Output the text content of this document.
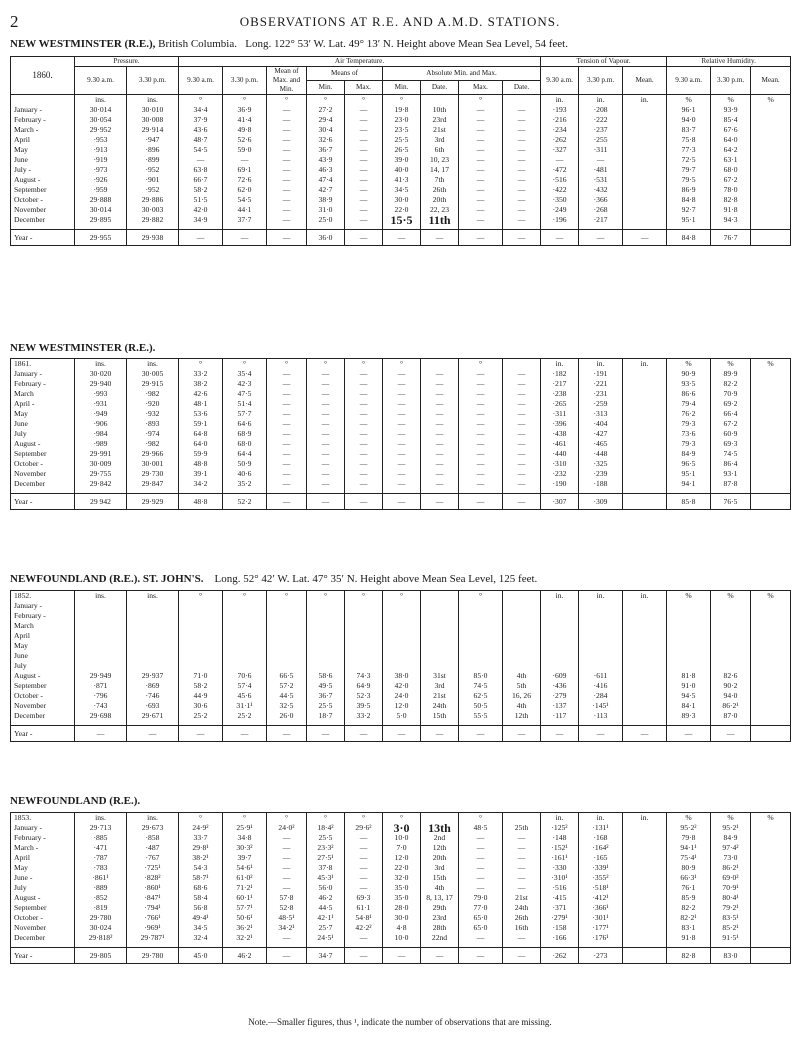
2	OBSERVATIONS AT R.E. AND A.M.D. STATIONS.
NEW WESTMINSTER (R.E.), British Columbia. Long. 122° 53′ W. Lat. 49° 13′ N. Height above Mean Sea Level, 54 feet.
1860.	Pressure.		Air Temperature.									Tension of Vapour.			Relative Humidity.		
	9.30 a.m.	3.30 p.m.	9.30 a.m.	3.30 p.m.	Mean of Max. and Min.	Means of		Absolute Min. and Max.				9.30 a.m.	3.30 p.m.	Mean.	9.30 a.m.	3.30 p.m.	Mean.
						Min.	Max.	Min.	Date.	Max.	Date.						
	ins.	ins.	°	°	°	°	°	°		°		in.	in.	in.	%	%	%
January -	30·014	30·010	34·4	36·9	—	27·2	—	19·8	10th	—	—	·193	·208		96·1	93·9	
February -	30·054	30·008	37·9	41·4	—	29·4	—	23·0	23rd	—	—	·216	·222		94·0	85·4	
March -	29·952	29·914	43·6	49·8	—	30·4	—	23·5	21st	—	—	·234	·237		83·7	67·6	
April	·953	·947	48·7	52·6	—	32·6	—	25·5	3rd	—	—	·262	·255		75·8	64·0	
May	·913	·896	54·5	59·0	—	36·7	—	26·5	6th	—	—	·327	·311		77·3	64·2	
June	·919	·899	—	—	—	43·9	—	39·0	10, 23	—	—	—	—		72·5	63·1	
July -	·973	·952	63·8	69·1	—	46·3	—	40·0	14, 17	—	—	·472	·481		79·7	68·0	
August -	·926	·901	66·7	72·6	—	47·4	—	41·3	7th	—	—	·516	·531		79·5	67·2	
September	·959	·952	58·2	62·0	—	42·7	—	34·5	26th	—	—	·422	·432		86·9	78·0	
October -	29·888	29·886	51·5	54·5	—	38·9	—	30·0	20th	—	—	·350	·366		84·8	82·8	
November	30·014	30·003	42·0	44·1	—	31·0	—	22·0	22, 23	—	—	·249	·268		92·7	91·8	
December	29·895	29·882	34·9	37·7	—	25·0	—	15·5	11th	—	—	·196	·217		95·1	94·3	

Year -	29·955	29·938	—	—	—	36·0	—	—	—	—	—	—	—	—	84·8	76·7	
NEW WESTMINSTER (R.E.).
1861.	ins.	ins.	°	°	°	°	°	°		°		in.	in.	in.	%	%	%
January -	30·020	30·005	33·2	35·4	—	—	—	—	—	—	—	·182	·191		90·9	89·9	
February -	29·940	29·915	38·2	42·3	—	—	—	—	—	—	—	·217	·221		93·5	82·2	
March	·993	·982	42·6	47·5	—	—	—	—	—	—	—	·238	·231		86·6	70·9	
April -	·931	·920	48·1	51·4	—	—	—	—	—	—	—	·265	·259		79·4	69·2	
May	·949	·932	53·6	57·7	—	—	—	—	—	—	—	·311	·313		76·2	66·4	
June	·906	·893	59·1	64·6	—	—	—	—	—	—	—	·396	·404		79·3	67·2	
July	·984	·974	64·8	68·9	—	—	—	—	—	—	—	·438	·427		73·6	60·9	
August -	·989	·982	64·0	68·0	—	—	—	—	—	—	—	·461	·465		79·3	69·3	
September	29·991	29·966	59·9	64·4	—	—	—	—	—	—	—	·440	·448		84·9	74·5	
October -	30·009	30·001	48·8	50·9	—	—	—	—	—	—	—	·310	·325		96·5	86·4	
November	29·755	29·730	39·1	40·6	—	—	—	—	—	—	—	·232	·239		95·1	93·1	
December	29·842	29·847	34·2	35·2	—	—	—	—	—	—	—	·190	·188		94·1	87·8	

Year -	29 942	29·929	48·8	52·2	—	—	—	—	—	—	—	·307	·309		85·8	76·5	
NEWFOUNDLAND (R.E.). ST. JOHN'S. Long. 52° 42′ W. Lat. 47° 35′ N. Height above Mean Sea Level, 125 feet.
1852.	ins.	ins.	°	°	°	°	°	°		°		in.	in.	in.	%	%	%
January -																	
February -																	
March																	
April																	
May																	
June																	
July																	
August -	29·949	29·937	71·0	70·6	66·5	58·6	74·3	38·0	31st	85·0	4th	·609	·611		81·8	82·6	
September	·871	·869	58·2	57·4	57·2	49·5	64·9	42·0	3rd	74·5	5th	·436	·416		91·0	90·2	
October -	·796	·746	44·9	45·6	44·5	36·7	52·3	24·0	21st	62·5	16, 26	·279	·284		94·5	94·0	
November	·743	·693	30·6	31·1¹	32·5	25·5	39·5	12·0	24th	50·5	4th	·137	·145¹		84·1	86·2¹	
December	29·698	29·671	25·2	25·2	26·0	18·7	33·2	5·0	15th	55·5	12th	·117	·113		89·3	87·0	

Year -	—	—	—	—	—	—	—	—	—	—	—	—	—	—	—	—	
NEWFOUNDLAND (R.E.).
1853.	ins.	ins.	°	°	°	°	°	°		°		in.	in.	in.	%	%	%
January -	29·713	29·673	24·9²	25·9¹	24·0²	18·4²	29·6²	3·0	13th	48·5	25th	·125²	·131¹		95·2²	95·2¹	
February -	·885	·858	33·7	34·8	—	25·5	—	10·0	2nd	—	—	·148	·168		79·8	84·9	
March -	·471	·487	29·8¹	30·3²	—	23·3²	—	7·0	12th	—	—	·152¹	·164²		94·1¹	97·4²	
April	·787	·767	38·2¹	39·7	—	27·5¹	—	12·0	20th	—	—	·161¹	·165		75·4¹	73·0	
May	·783	·725¹	54·3	54·6¹	—	37·8	—	22·0	3rd	—	—	·330	·339¹		80·9	86·2¹	
June -	·861¹	·828²	58·7¹	61·0²	—	45·3¹	—	32·0	15th	—	—	·310¹	·355²		66·3¹	69·0²	
July	·889	·860¹	68·6	71·2¹	—	56·0	—	35·0	4th	—	—	·516	·518¹		76·1	70·9¹	
August -	·852	·847¹	58·4	60·1¹	57·8	46·2	69·3	35·0	8, 13, 17	79·0	21st	·415	·412¹		85·9	80·4¹	
September	·819	·794¹	56·8	57·7¹	52·8	44·5	61·1	28·0	29th	77·0	24th	·371	·366¹		82·2	79·2¹	
October -	29·780	·766¹	49·4¹	50·6¹	48·5¹	42·1¹	54·8¹	30·0	23rd	65·0	26th	·279¹	·301¹		82·2¹	83·5¹	
November	30·024	·969¹	34·5	36·2¹	34·2¹	25·7	42·2²	4·8	28th	65·0	16th	·158	·177¹		83·1	85·2¹	
December	29·818²	29·787¹	32·4	32·2¹	—	24·5¹	—	10·0	22nd	—	—	·166	·176¹		91·8	91·5¹	

Year -	29·805	29·780	45·0	46·2	—	34·7	—	—	—	—	—	·262	·273		82·8	83·0	
Note.—Smaller figures, thus ¹, indicate the number of observations that are missing.
